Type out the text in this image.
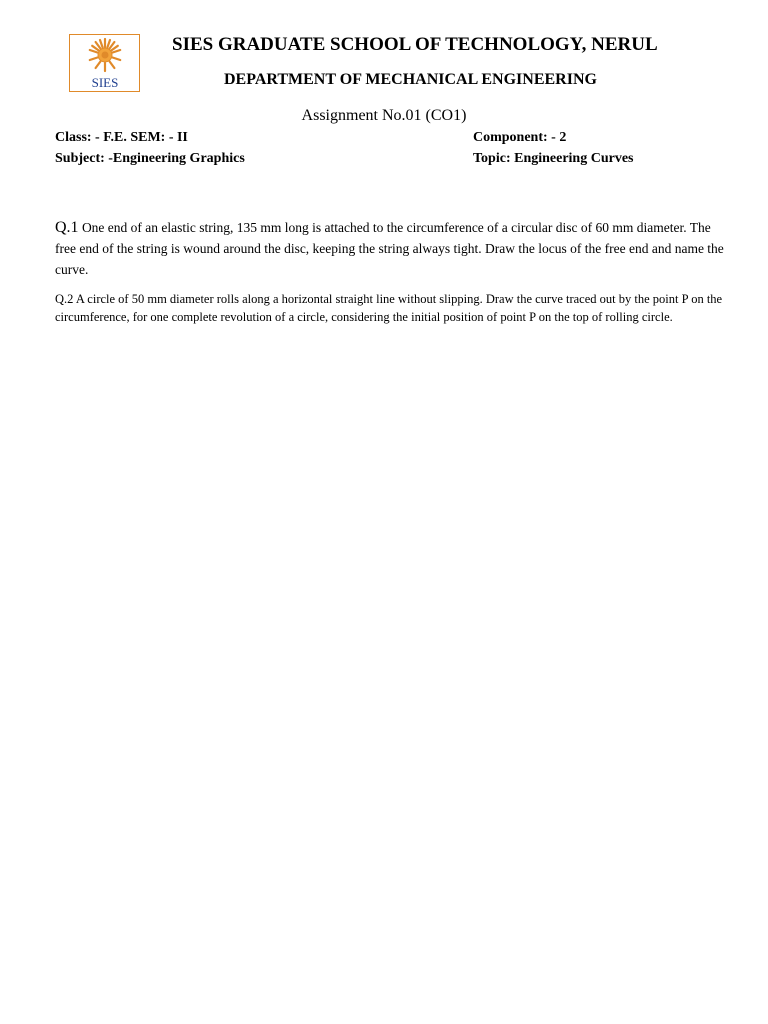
SIES
SIES GRADUATE SCHOOL OF TECHNOLOGY, NERUL
DEPARTMENT OF MECHANICAL ENGINEERING
Assignment No.01 (CO1)
Class: - F.E. SEM: - II
Subject: -Engineering Graphics
Component: - 2
Topic: Engineering Curves
Q.1 One end of an elastic string, 135 mm long is attached to the circumference of a circular disc of 60 mm diameter. The free end of the string is wound around the disc, keeping the string always tight. Draw the locus of the free end and name the curve.
Q.2 A circle of 50 mm diameter rolls along a horizontal straight line without slipping. Draw the curve traced out by the point P on the circumference, for one complete revolution of a circle, considering the initial position of point P on the top of rolling circle.
